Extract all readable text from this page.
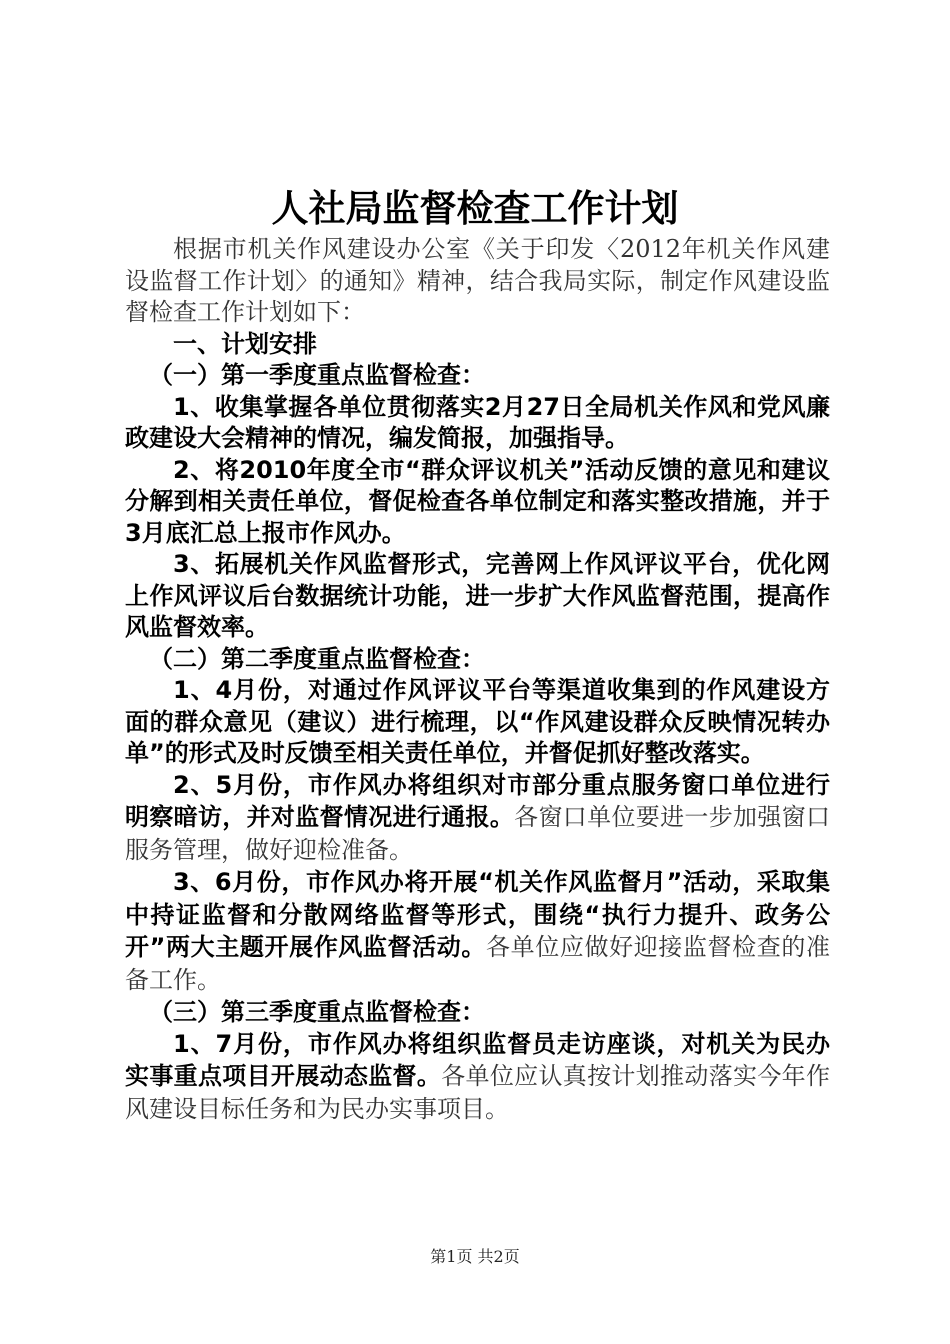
人社局监督检查工作计划

根据市机关作风建设办公室《关于印发〈2012年机关作风建设监督工作计划〉的通知》精神，结合我局实际，制定作风建设监督检查工作计划如下：

一、计划安排

（一）第一季度重点监督检查：

1、收集掌握各单位贯彻落实2月27日全局机关作风和党风廉政建设大会精神的情况，编发简报，加强指导。

2、将2010年度全市“群众评议机关”活动反馈的意见和建议分解到相关责任单位，督促检查各单位制定和落实整改措施，并于3月底汇总上报市作风办。

3、拓展机关作风监督形式，完善网上作风评议平台，优化网上作风评议后台数据统计功能，进一步扩大作风监督范围，提高作风监督效率。

（二）第二季度重点监督检查：

1、4月份，对通过作风评议平台等渠道收集到的作风建设方面的群众意见（建议）进行梳理，以“作风建设群众反映情况转办单”的形式及时反馈至相关责任单位，并督促抓好整改落实。

2、5月份，市作风办将组织对市部分重点服务窗口单位进行明察暗访，并对监督情况进行通报。各窗口单位要进一步加强窗口服务管理，做好迎检准备。

3、6月份，市作风办将开展“机关作风监督月”活动，采取集中持证监督和分散网络监督等形式，围绕“执行力提升、政务公开”两大主题开展作风监督活动。各单位应做好迎接监督检查的准备工作。

（三）第三季度重点监督检查：

1、7月份，市作风办将组织监督员走访座谈，对机关为民办实事重点项目开展动态监督。各单位应认真按计划推动落实今年作风建设目标任务和为民办实事项目。

第1页 共2页
